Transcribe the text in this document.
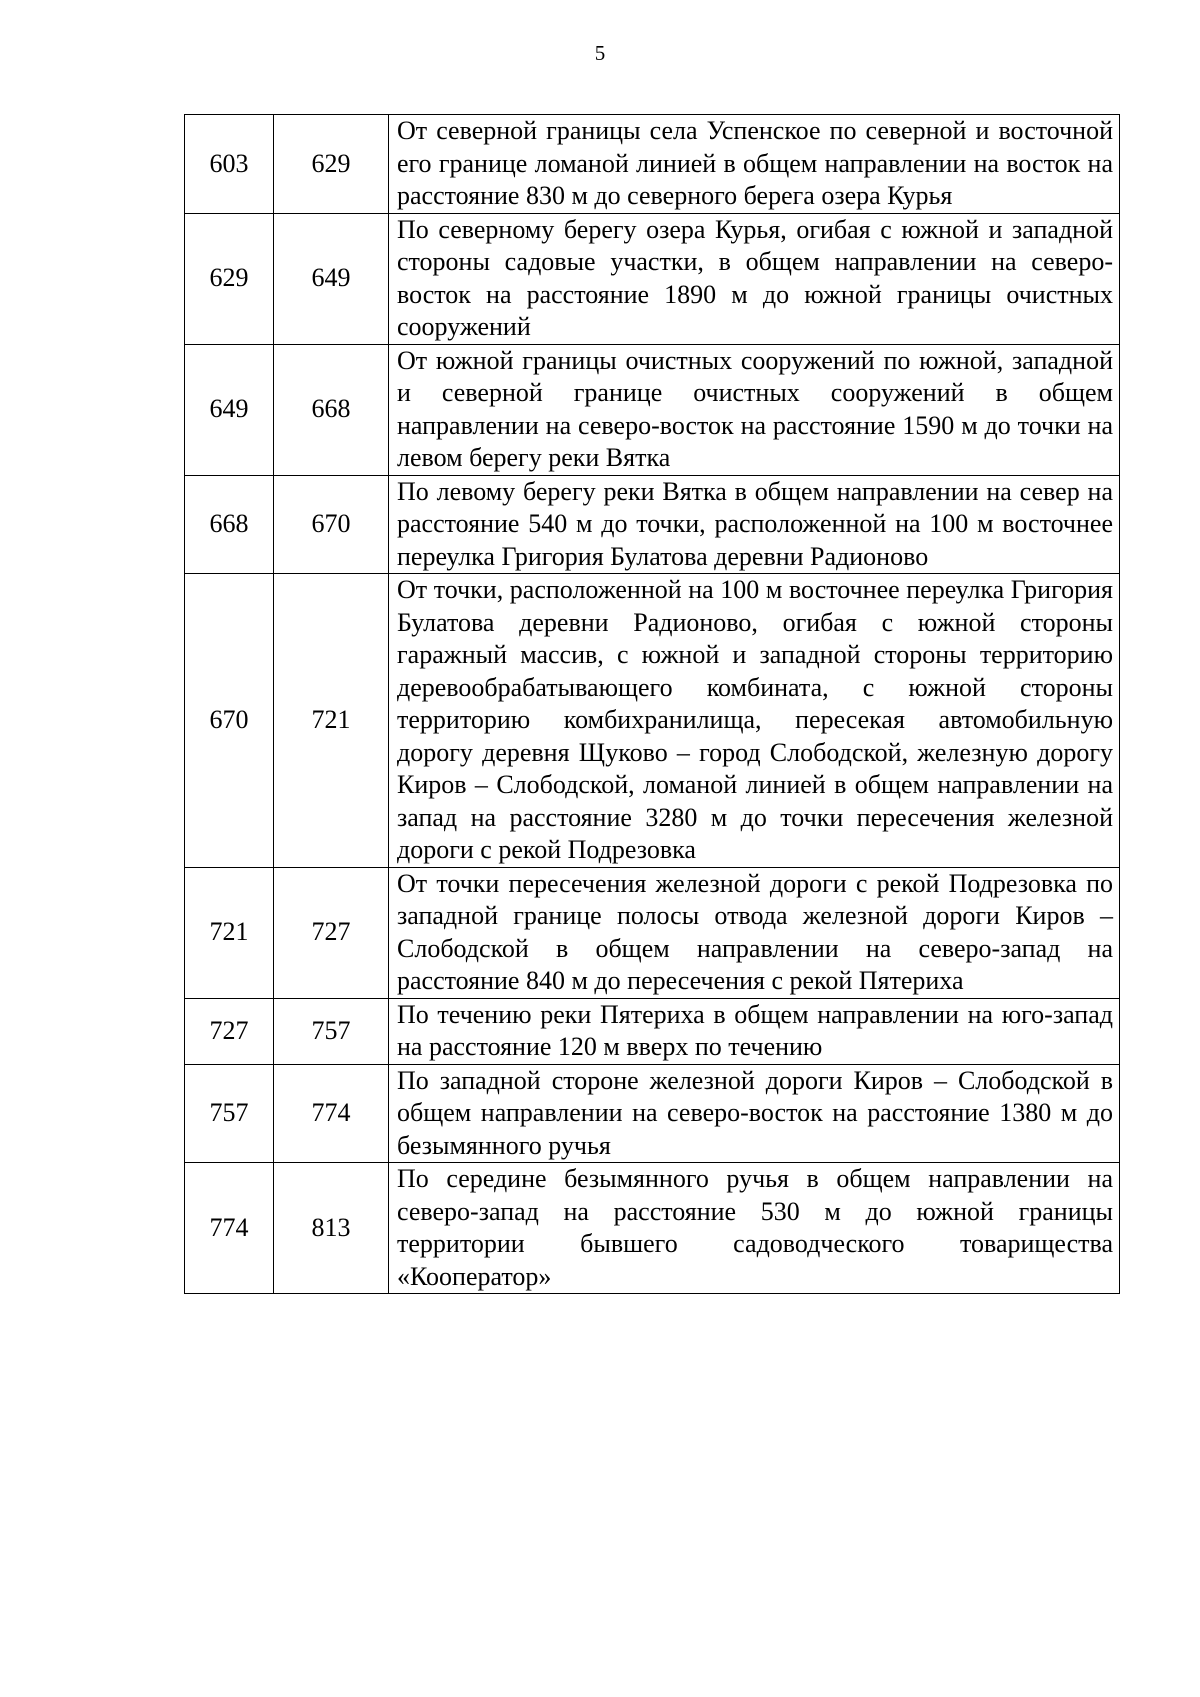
5
603	629	От северной границы села Успенское по северной и восточной его границе ломаной линией в общем направлении на восток на расстояние 830 м до северного берега озера Курья
629	649	По северному берегу озера Курья, огибая с южной и западной стороны садовые участки, в общем направлении на северо-восток на расстояние 1890 м до южной границы очистных сооружений
649	668	От южной границы очистных сооружений по южной, западной и северной границе очистных сооружений в общем направлении на северо-восток на расстояние 1590 м до точки на левом берегу реки Вятка
668	670	По левому берегу реки Вятка в общем направлении на север на расстояние 540 м до точки, расположенной на 100 м восточнее переулка Григория Булатова деревни Радионово
670	721	От точки, расположенной на 100 м восточнее переулка Григория Булатова деревни Радионово, огибая с южной стороны гаражный массив, с южной и западной стороны территорию деревообрабатывающего комбината, с южной стороны территорию комбихранилища, пересекая автомобильную дорогу деревня Щуково – город Слободской, железную дорогу Киров – Слободской, ломаной линией в общем направлении на запад на расстояние 3280 м до точки пересечения железной дороги с рекой Подрезовка
721	727	От точки пересечения железной дороги с рекой Подрезовка по западной границе полосы отвода железной дороги Киров – Слободской в общем направлении на северо-запад на расстояние 840 м до пересечения с рекой Пятериха
727	757	По течению реки Пятериха в общем направлении на юго-запад на расстояние 120 м вверх по течению
757	774	По западной стороне железной дороги Киров – Слободской в общем направлении на северо-восток на расстояние 1380 м до безымянного ручья
774	813	По середине безымянного ручья в общем направлении на северо-запад на расстояние 530 м до южной границы территории бывшего садоводческого товарищества «Кооператор»
